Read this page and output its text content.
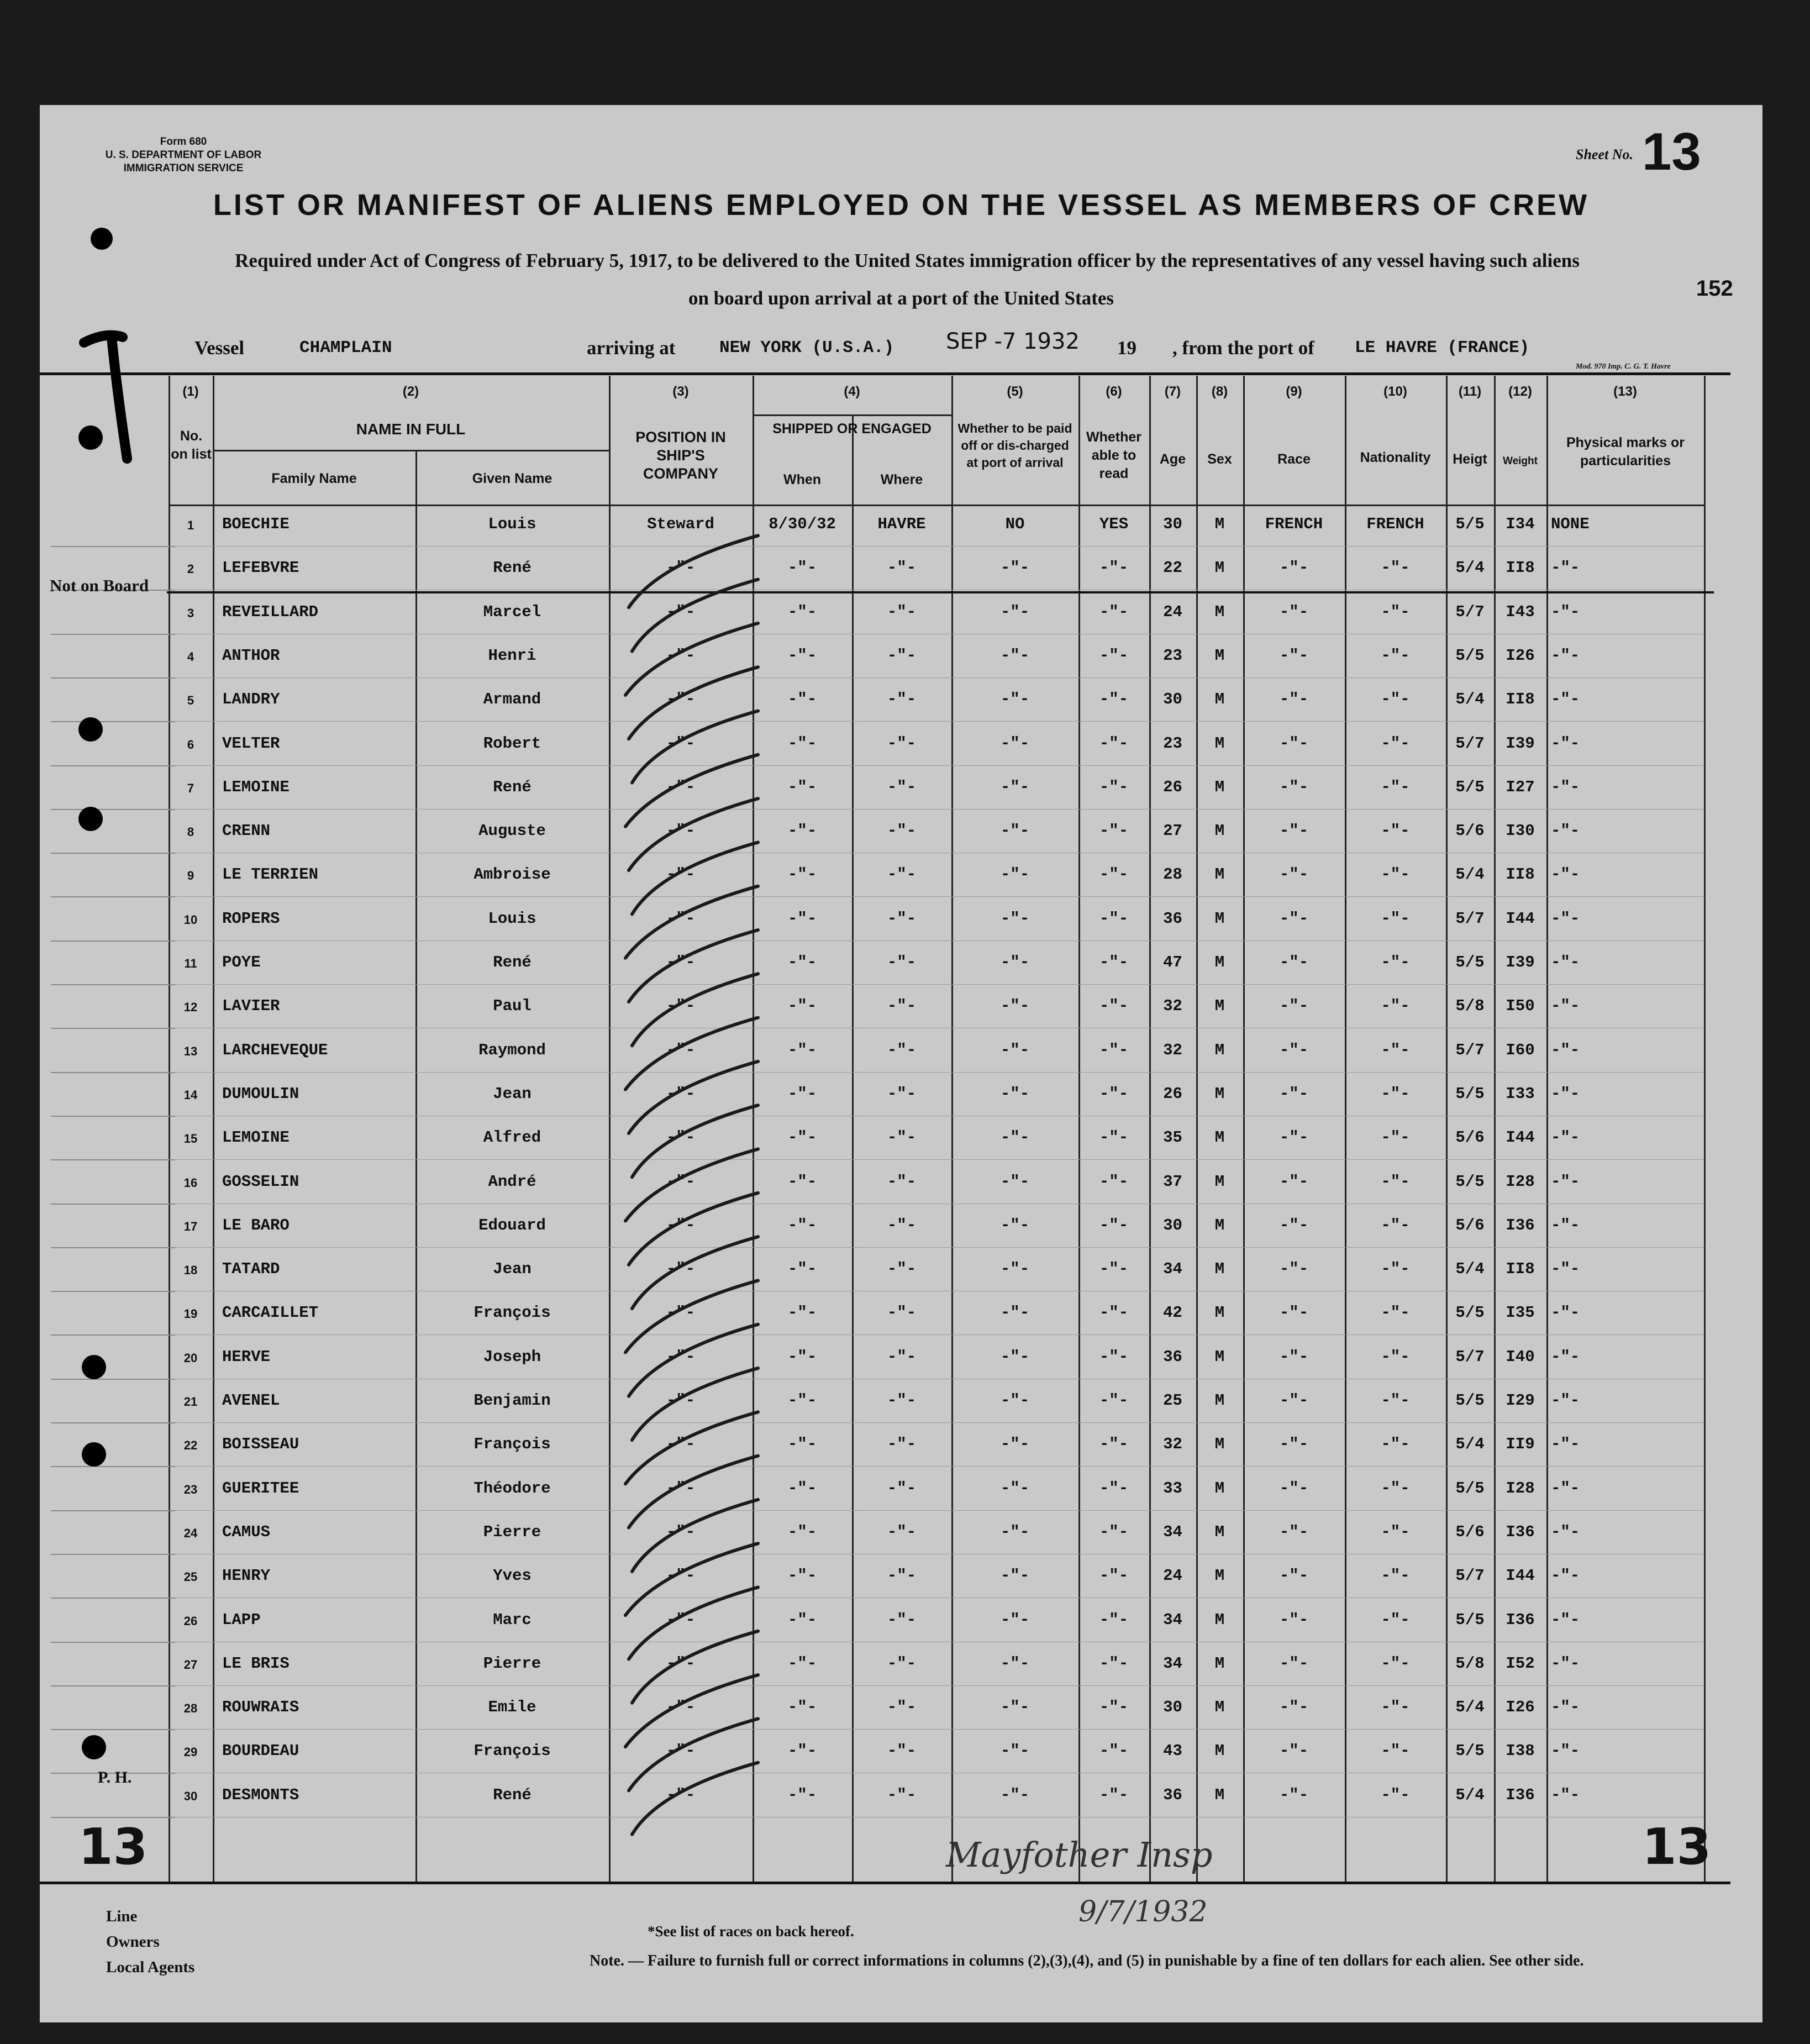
Form 680
U. S. DEPARTMENT OF LABOR
IMMIGRATION SERVICE
Sheet No. 13
152
LIST OR MANIFEST OF ALIENS EMPLOYED ON THE VESSEL AS MEMBERS OF CREW
Required under Act of Congress of February 5, 1917, to be delivered to the United States immigration officer by the representatives of any vessel having such aliens
on board upon arrival at a port of the United States
Vessel	CHAMPLAIN	arriving at	NEW YORK (U.S.A.) SEP -7 1932 19 , from the port of LE HAVRE (FRANCE)
Mod. 970 Imp. C. G. T. Havre
(1)	(2)	(3)	(4)	(5)	(6)	(7)	(8)	(9)	(10)	(11)	(12)	(13)
No. on list
NAME IN FULL
Family Name	Given Name
POSITION IN SHIP'S COMPANY
SHIPPED OR ENGAGED
When	Where
Whether to be paid off or dis-charged at port of arrival
Whether able to read
Age	Sex	Race	Nationality	Heigt	Weight
Physical marks or particularities
1	BOECHIE	Louis	Steward	8/30/32	HAVRE	NO	YES	30	M	FRENCH	FRENCH	5/5	I34	NONE
2	LEFEBVRE	René	-"-	-"-	-"-	-"-	-"-	22	M	-"-	-"-	5/4	II8	-"-
3	REVEILLARD	Marcel	-"-	-"-	-"-	-"-	-"-	24	M	-"-	-"-	5/7	I43	-"-
4	ANTHOR	Henri	-"-	-"-	-"-	-"-	-"-	23	M	-"-	-"-	5/5	I26	-"-
5	LANDRY	Armand	-"-	-"-	-"-	-"-	-"-	30	M	-"-	-"-	5/4	II8	-"-
6	VELTER	Robert	-"-	-"-	-"-	-"-	-"-	23	M	-"-	-"-	5/7	I39	-"-
7	LEMOINE	René	-"-	-"-	-"-	-"-	-"-	26	M	-"-	-"-	5/5	I27	-"-
8	CRENN	Auguste	-"-	-"-	-"-	-"-	-"-	27	M	-"-	-"-	5/6	I30	-"-
9	LE TERRIEN	Ambroise	-"-	-"-	-"-	-"-	-"-	28	M	-"-	-"-	5/4	II8	-"-
10	ROPERS	Louis	-"-	-"-	-"-	-"-	-"-	36	M	-"-	-"-	5/7	I44	-"-
11	POYE	René	-"-	-"-	-"-	-"-	-"-	47	M	-"-	-"-	5/5	I39	-"-
12	LAVIER	Paul	-"-	-"-	-"-	-"-	-"-	32	M	-"-	-"-	5/8	I50	-"-
13	LARCHEVEQUE	Raymond	-"-	-"-	-"-	-"-	-"-	32	M	-"-	-"-	5/7	I60	-"-
14	DUMOULIN	Jean	-"-	-"-	-"-	-"-	-"-	26	M	-"-	-"-	5/5	I33	-"-
15	LEMOINE	Alfred	-"-	-"-	-"-	-"-	-"-	35	M	-"-	-"-	5/6	I44	-"-
16	GOSSELIN	André	-"-	-"-	-"-	-"-	-"-	37	M	-"-	-"-	5/5	I28	-"-
17	LE BARO	Edouard	-"-	-"-	-"-	-"-	-"-	30	M	-"-	-"-	5/6	I36	-"-
18	TATARD	Jean	-"-	-"-	-"-	-"-	-"-	34	M	-"-	-"-	5/4	II8	-"-
19	CARCAILLET	François	-"-	-"-	-"-	-"-	-"-	42	M	-"-	-"-	5/5	I35	-"-
20	HERVE	Joseph	-"-	-"-	-"-	-"-	-"-	36	M	-"-	-"-	5/7	I40	-"-
21	AVENEL	Benjamin	-"-	-"-	-"-	-"-	-"-	25	M	-"-	-"-	5/5	I29	-"-
22	BOISSEAU	François	-"-	-"-	-"-	-"-	-"-	32	M	-"-	-"-	5/4	II9	-"-
23	GUERITEE	Théodore	-"-	-"-	-"-	-"-	-"-	33	M	-"-	-"-	5/5	I28	-"-
24	CAMUS	Pierre	-"-	-"-	-"-	-"-	-"-	34	M	-"-	-"-	5/6	I36	-"-
25	HENRY	Yves	-"-	-"-	-"-	-"-	-"-	24	M	-"-	-"-	5/7	I44	-"-
26	LAPP	Marc	-"-	-"-	-"-	-"-	-"-	34	M	-"-	-"-	5/5	I36	-"-
27	LE BRIS	Pierre	-"-	-"-	-"-	-"-	-"-	34	M	-"-	-"-	5/8	I52	-"-
28	ROUWRAIS	Emile	-"-	-"-	-"-	-"-	-"-	30	M	-"-	-"-	5/4	I26	-"-
29	BOURDEAU	François	-"-	-"-	-"-	-"-	-"-	43	M	-"-	-"-	5/5	I38	-"-
30	DESMONTS	René	-"-	-"-	-"-	-"-	-"-	36	M	-"-	-"-	5/4	I36	-"-
Not on Board
P. H.
13	13
Mayfother Insp
9/7/1932
Line
Owners
Local Agents
*See list of races on back hereof.
Note. — Failure to furnish full or correct informations in columns (2),(3),(4), and (5) in punishable by a fine of ten dollars for each alien. See other side.
